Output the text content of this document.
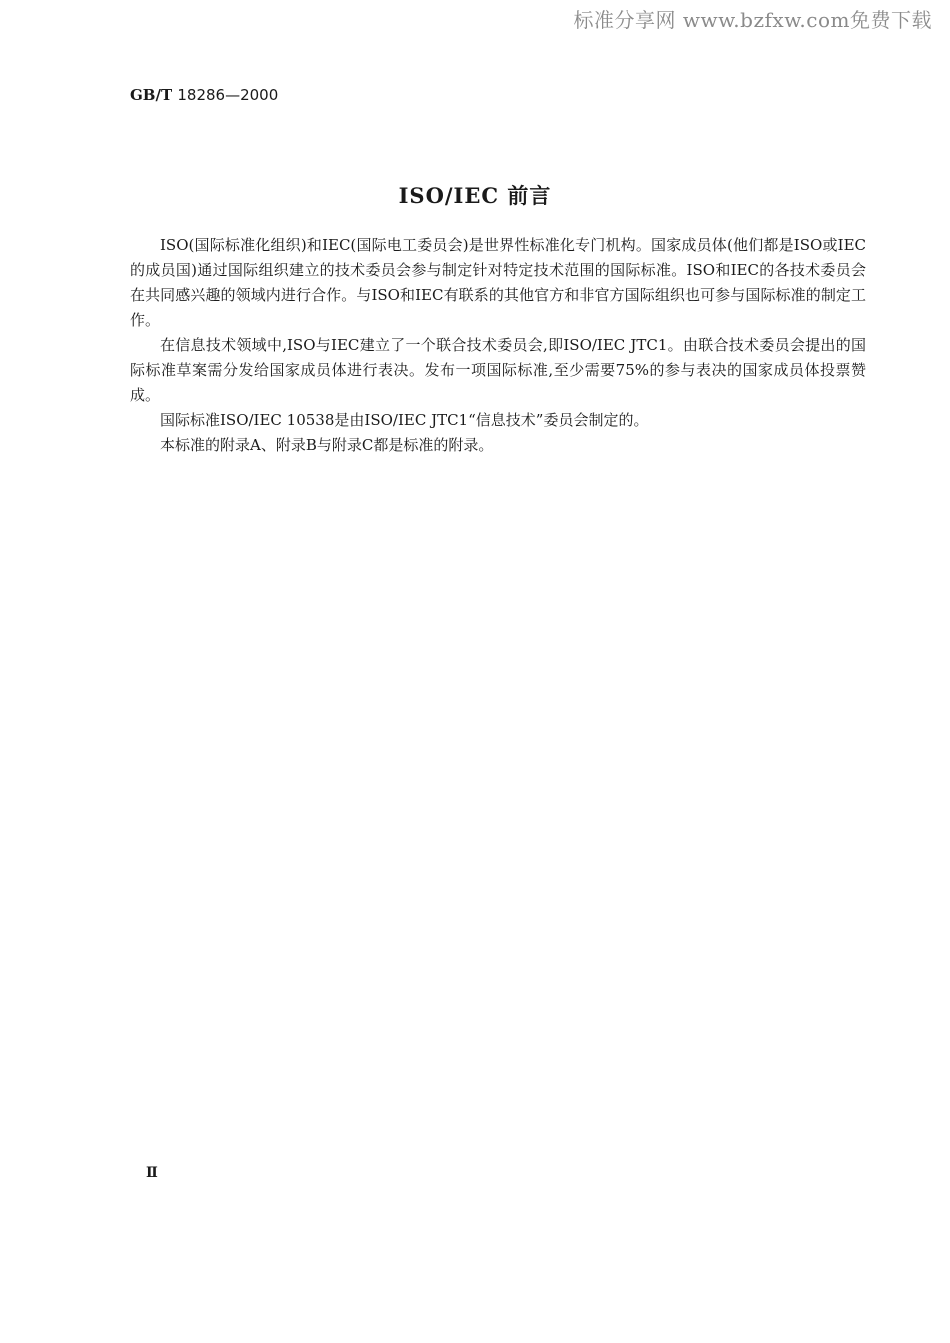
标准分享网 www.bzfxw.com免费下载
GB/T 18286—2000
ISO/IEC 前言

ISO(国际标准化组织)和IEC(国际电工委员会)是世界性标准化专门机构。国家成员体(他们都是ISO或IEC的成员国)通过国际组织建立的技术委员会参与制定针对特定技术范围的国际标准。ISO和IEC的各技术委员会在共同感兴趣的领域内进行合作。与ISO和IEC有联系的其他官方和非官方国际组织也可参与国际标准的制定工作。

在信息技术领域中,ISO与IEC建立了一个联合技术委员会,即ISO/IEC JTC1。由联合技术委员会提出的国际标准草案需分发给国家成员体进行表决。发布一项国际标准,至少需要75%的参与表决的国家成员体投票赞成。

国际标准ISO/IEC 10538是由ISO/IEC JTC1“信息技术”委员会制定的。

本标准的附录A、附录B与附录C都是标准的附录。

Ⅱ
